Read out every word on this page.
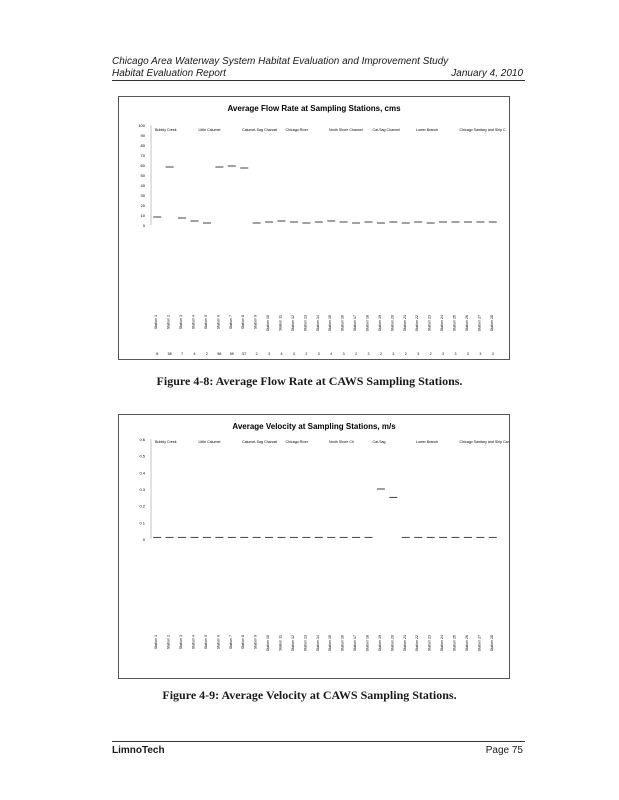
Chicago Area Waterway System Habitat Evaluation and Improvement Study
Habitat Evaluation Report	January 4, 2010
Average Flow Rate at Sampling Stations, cms
100
90
80
70
60
50
40
30
20
10
0
Bubbly Creek	Little Calumet	Calumet-Sag Channel Chicago River	North Shore Channel	Cal-Sag Channel	Lower Branch	Chicago Sanitary and Ship C
Station 1 Station 2 Station 3 Station 4 Station 5 Station 6 Station 7 Station 8 Station 9 Station 10 Station 11 Station 12 Station 13 Station 14 Station 15 Station 16 Station 17 Station 18 Station 19 Station 20 Station 21 Station 22 Station 23 Station 24 Station 25 Station 26 Station 27 Station 28
8	58	7	4	2	58 59 57	2	3	4	3	2	3	4	3	2	3	2	3	2	3	2	3	3	3	3	3
Figure 4-8: Average Flow Rate at CAWS Sampling Stations.
Average Velocity at Sampling Stations, m/s
0.6
0.5
0.4
0.3
0.2
0.1
0
Bubbly Creek	Little Calumet	Calumet-Sag Channel Chicago River	North Shore Ch	Cal-Sag	Lower Branch	Chicago Sanitary and Ship Canal
Station 1 Station 2 Station 3 Station 4 Station 5 Station 6 Station 7 Station 8 Station 9 Station 10 Station 11 Station 12 Station 13 Station 14 Station 15 Station 16 Station 17 Station 18 Station 19 Station 20 Station 21 Station 22 Station 23 Station 24 Station 25 Station 26 Station 27 Station 28
Figure 4-9: Average Velocity at CAWS Sampling Stations.
LimnoTech	Page 75
